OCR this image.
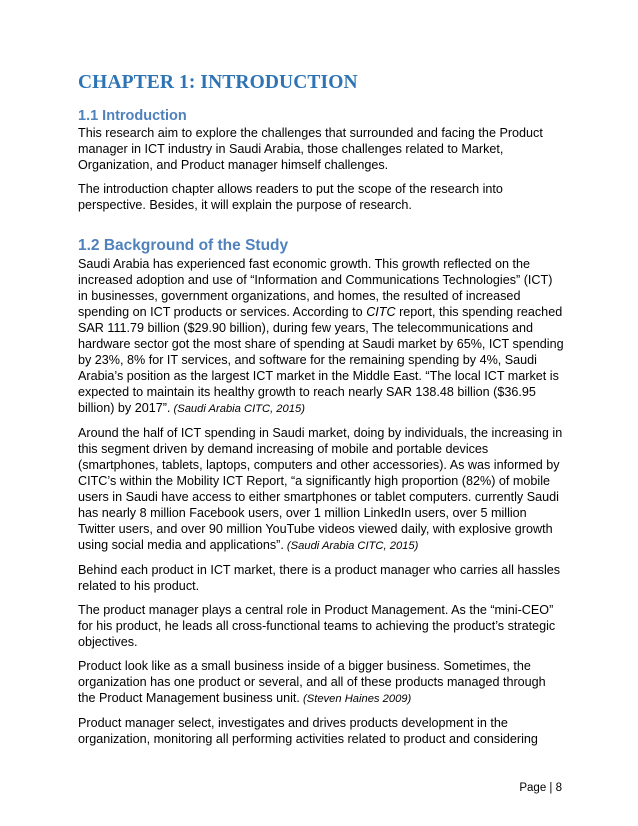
CHAPTER 1: INTRODUCTION
1.1 Introduction

This research aim to explore the challenges that surrounded and facing the Product manager in ICT industry in Saudi Arabia, those challenges related to Market, Organization, and Product manager himself challenges.

The introduction chapter allows readers to put the scope of the research into perspective. Besides, it will explain the purpose of research.

1.2 Background of the Study

Saudi Arabia has experienced fast economic growth. This growth reflected on the increased adoption and use of “Information and Communications Technologies” (ICT) in businesses, government organizations, and homes, the resulted of increased spending on ICT products or services. According to CITC report, this spending reached SAR 111.79 billion ($29.90 billion), during few years, The telecommunications and hardware sector got the most share of spending at Saudi market by 65%, ICT spending by 23%, 8% for IT services, and software for the remaining spending by 4%, Saudi Arabia’s position as the largest ICT market in the Middle East. “The local ICT market is expected to maintain its healthy growth to reach nearly SAR 138.48 billion ($36.95 billion) by 2017”. (Saudi Arabia CITC, 2015)

Around the half of ICT spending in Saudi market, doing by individuals, the increasing in this segment driven by demand increasing of mobile and portable devices (smartphones, tablets, laptops, computers and other accessories). As was informed by CITC’s within the Mobility ICT Report, “a significantly high proportion (82%) of mobile users in Saudi have access to either smartphones or tablet computers. currently Saudi has nearly 8 million Facebook users, over 1 million LinkedIn users, over 5 million Twitter users, and over 90 million YouTube videos viewed daily, with explosive growth using social media and applications”. (Saudi Arabia CITC, 2015)

Behind each product in ICT market, there is a product manager who carries all hassles related to his product.

The product manager plays a central role in Product Management. As the “mini-CEO” for his product, he leads all cross-functional teams to achieving the product’s strategic objectives.

Product look like as a small business inside of a bigger business. Sometimes, the organization has one product or several, and all of these products managed through the Product Management business unit. (Steven Haines 2009)

Product manager select, investigates and drives products development in the organization, monitoring all performing activities related to product and considering

Page | 8
